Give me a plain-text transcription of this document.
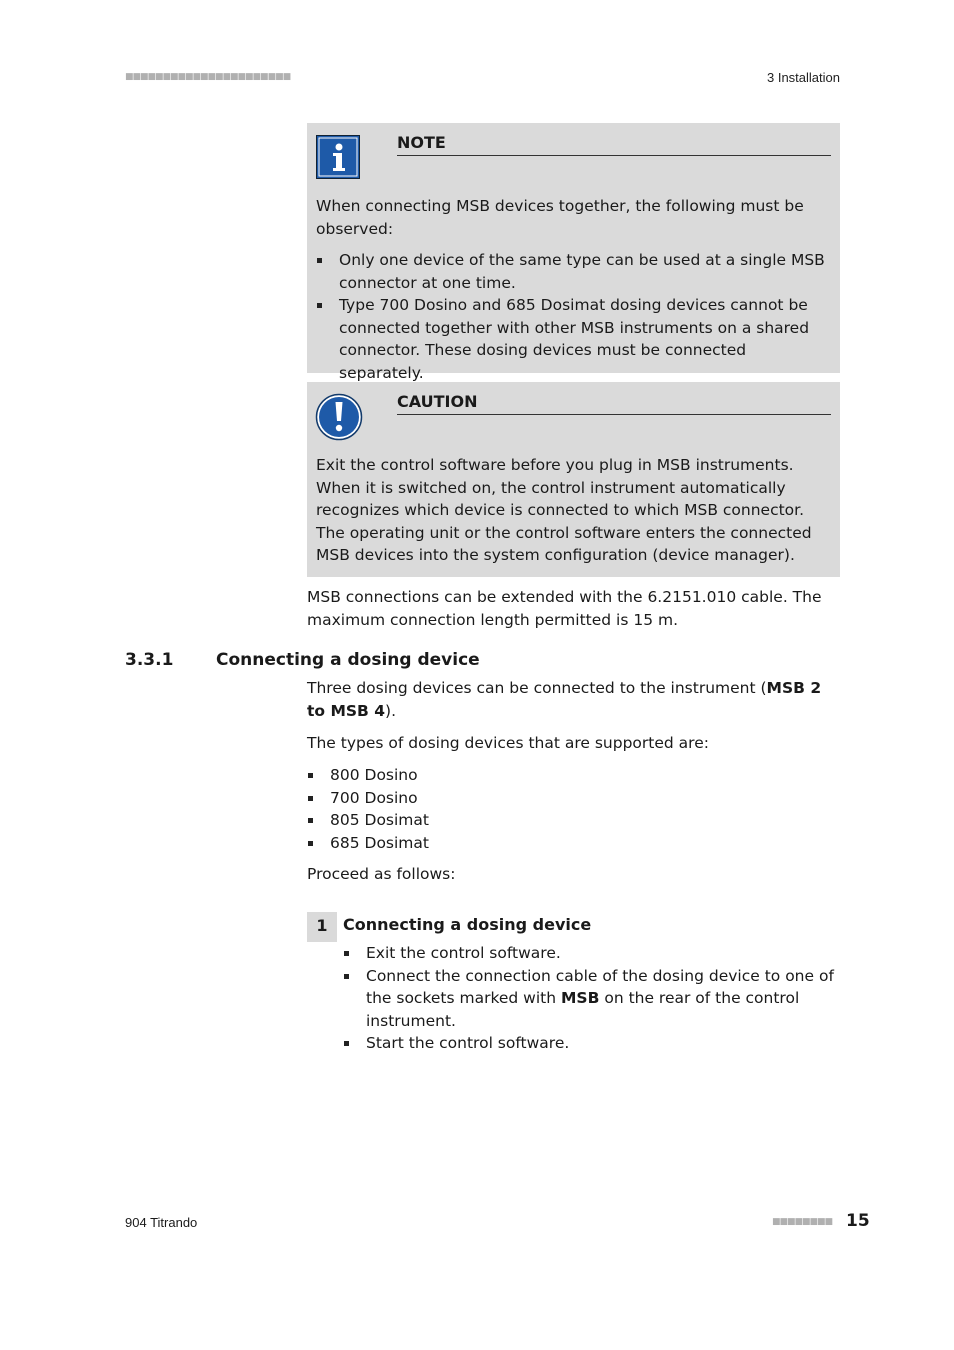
■■■■■■■■■■■■■■■■■■■■■■	3 Installation
NOTE
When connecting MSB devices together, the following must be observed:
Only one device of the same type can be used at a single MSB connector at one time.
Type 700 Dosino and 685 Dosimat dosing devices cannot be connected together with other MSB instruments on a shared connector. These dosing devices must be connected separately.
CAUTION
Exit the control software before you plug in MSB instruments. When it is switched on, the control instrument automatically recognizes which device is connected to which MSB connector. The operating unit or the control software enters the connected MSB devices into the system configuration (device manager).
MSB connections can be extended with the 6.2151.010 cable. The maximum connection length permitted is 15 m.
3.3.1	Connecting a dosing device
Three dosing devices can be connected to the instrument (MSB 2 to MSB 4).
The types of dosing devices that are supported are:
800 Dosino
700 Dosino
805 Dosimat
685 Dosimat
Proceed as follows:
1 Connecting a dosing device
Exit the control software.
Connect the connection cable of the dosing device to one of the sockets marked with MSB on the rear of the control instrument.
Start the control software.
904 Titrando	■■■■■■■■ 15
